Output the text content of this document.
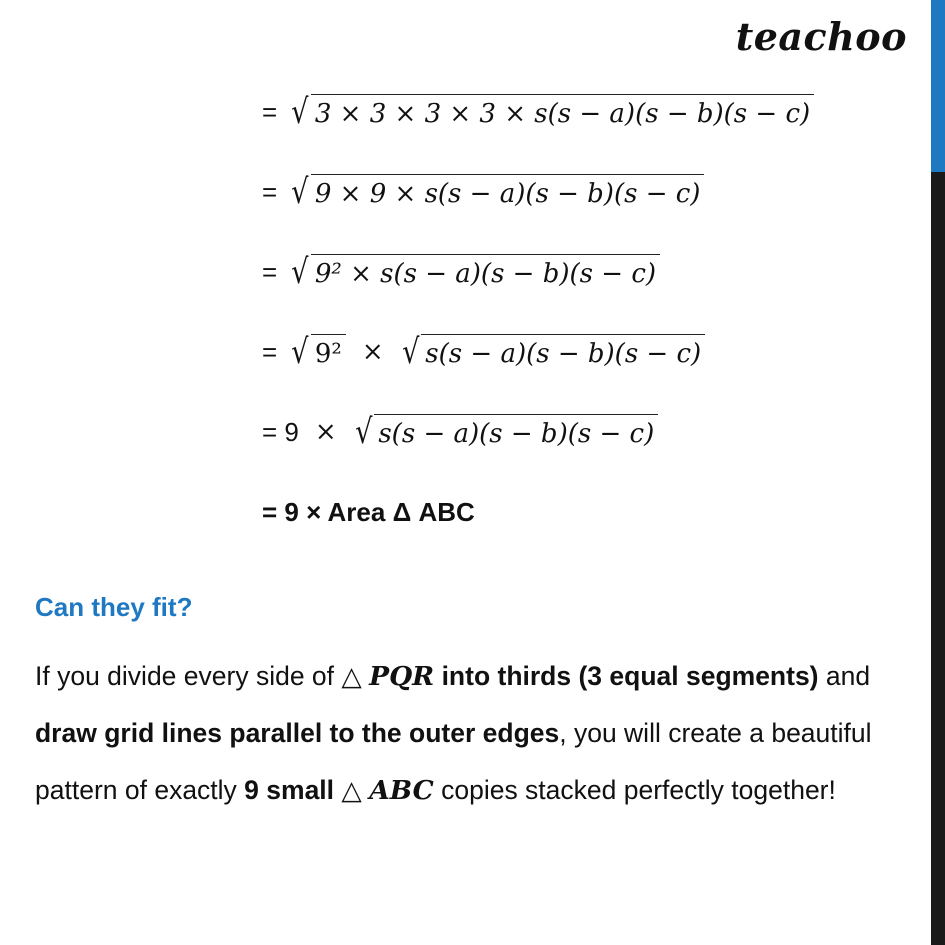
teachoo
= √ 3 × 3 × 3 × 3 × s(s − a)(s − b)(s − c)
= √ 9 × 9 × s(s − a)(s − b)(s − c)
= √ 9² × s(s − a)(s − b)(s − c)
= √ 9² × √ s(s − a)(s − b)(s − c)
= 9 × √ s(s − a)(s − b)(s − c)
= 9 × Area Δ ABC
Can they fit?
If you divide every side of △ PQR into thirds (3 equal segments) and draw grid lines parallel to the outer edges, you will create a beautiful pattern of exactly 9 small △ ABC copies stacked perfectly together!
